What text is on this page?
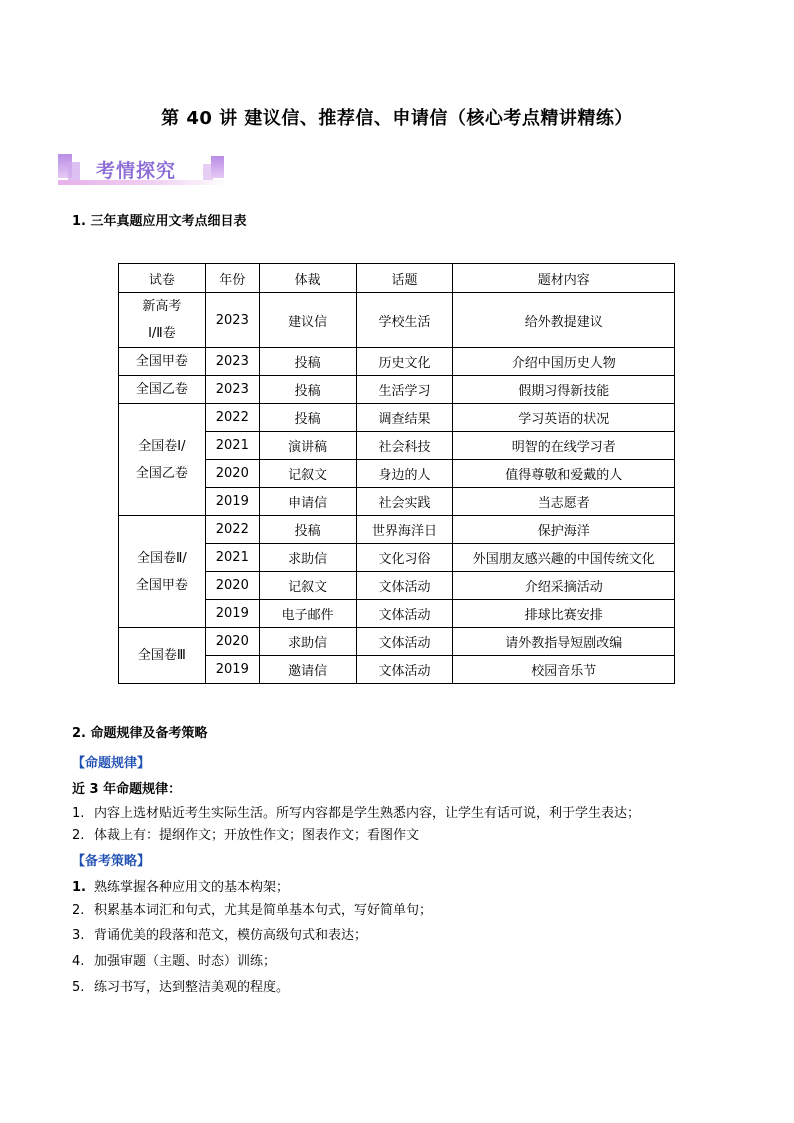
第 40 讲 建议信、推荐信、申请信（核心考点精讲精练）
考情探究
1. 三年真题应用文考点细目表
试卷	年份	体裁	话题	题材内容
新高考
Ⅰ/Ⅱ卷	2023	建议信	学校生活	给外教提建议
全国甲卷	2023	投稿	历史文化	介绍中国历史人物
全国乙卷	2023	投稿	生活学习	假期习得新技能
全国卷Ⅰ/
全国乙卷	2022	投稿	调查结果	学习英语的状况
	2021	演讲稿	社会科技	明智的在线学习者
	2020	记叙文	身边的人	值得尊敬和爱戴的人
	2019	申请信	社会实践	当志愿者
全国卷Ⅱ/
全国甲卷	2022	投稿	世界海洋日	保护海洋
	2021	求助信	文化习俗	外国朋友感兴趣的中国传统文化
	2020	记叙文	文体活动	介绍采摘活动
	2019	电子邮件	文体活动	排球比赛安排
全国卷Ⅲ	2020	求助信	文体活动	请外教指导短剧改编
	2019	邀请信	文体活动	校园音乐节
2. 命题规律及备考策略
【命题规律】
近 3 年命题规律：
1. 内容上选材贴近考生实际生活。所写内容都是学生熟悉内容，让学生有话可说，利于学生表达；
2. 体裁上有：提纲作文；开放性作文；图表作文；看图作文
【备考策略】
1. 熟练掌握各种应用文的基本构架；
2. 积累基本词汇和句式，尤其是简单基本句式，写好简单句；
3. 背诵优美的段落和范文，模仿高级句式和表达；
4. 加强审题（主题、时态）训练；
5. 练习书写，达到整洁美观的程度。
